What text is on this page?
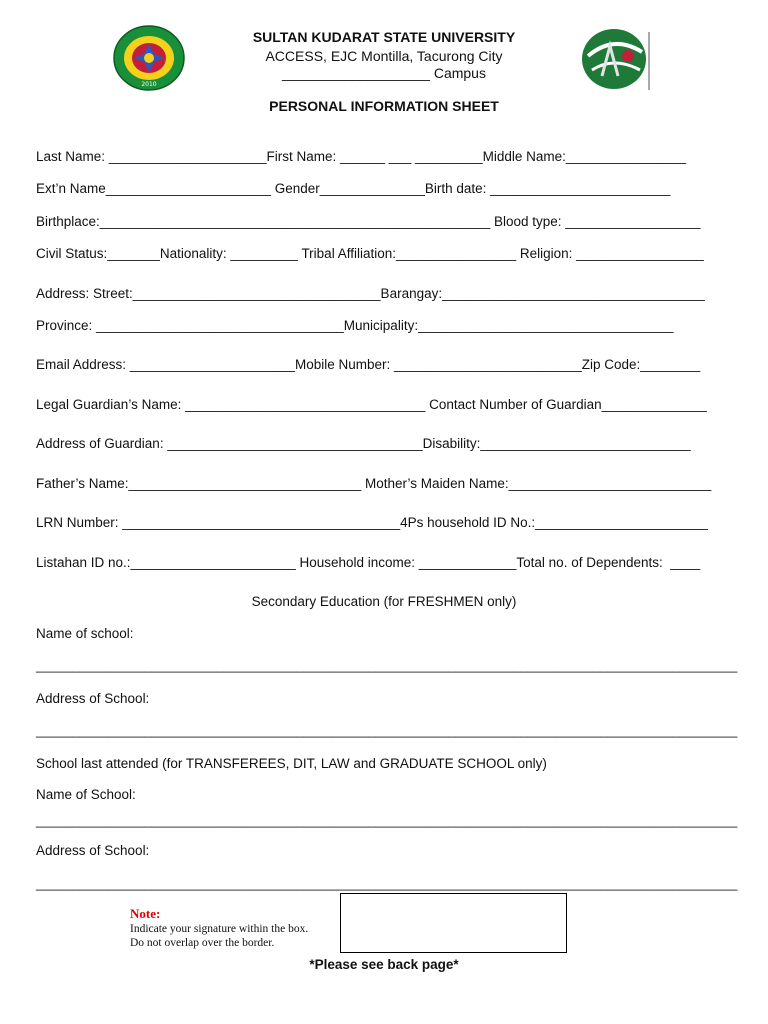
2010
SULTAN KUDARAT STATE UNIVERSITY
ACCESS, EJC Montilla, Tacurong City
___________________ Campus
PERSONAL INFORMATION SHEET
Last Name: _____________________First Name: ______ ___ _________Middle Name:________________
Ext’n Name______________________ Gender______________Birth date: ________________________
Birthplace:____________________________________________________ Blood type: __________________
Civil Status:_______Nationality: _________ Tribal Affiliation:________________ Religion: _________________
Address: Street:_________________________________Barangay:___________________________________
Province: _________________________________Municipality:__________________________________
Email Address: ______________________Mobile Number: _________________________Zip Code:________
Legal Guardian’s Name: ________________________________ Contact Number of Guardian______________
Address of Guardian: __________________________________Disability:____________________________
Father’s Name:_______________________________ Mother’s Maiden Name:___________________________
LRN Number: _____________________________________4Ps household ID No.:_______________________
Listahan ID no.:______________________ Household income: _____________Total no. of Dependents:  ____
Secondary Education (for FRESHMEN only)
Name of school:
_________________________________________________________________________________________________
Address of School:
_________________________________________________________________________________________________
School last attended (for TRANSFEREES, DIT, LAW and GRADUATE SCHOOL only)
Name of School:
_________________________________________________________________________________________________
Address of School:
_________________________________________________________________________________________________
Note:
Indicate your signature within the box.
Do not overlap over the border.
*Please see back page*
